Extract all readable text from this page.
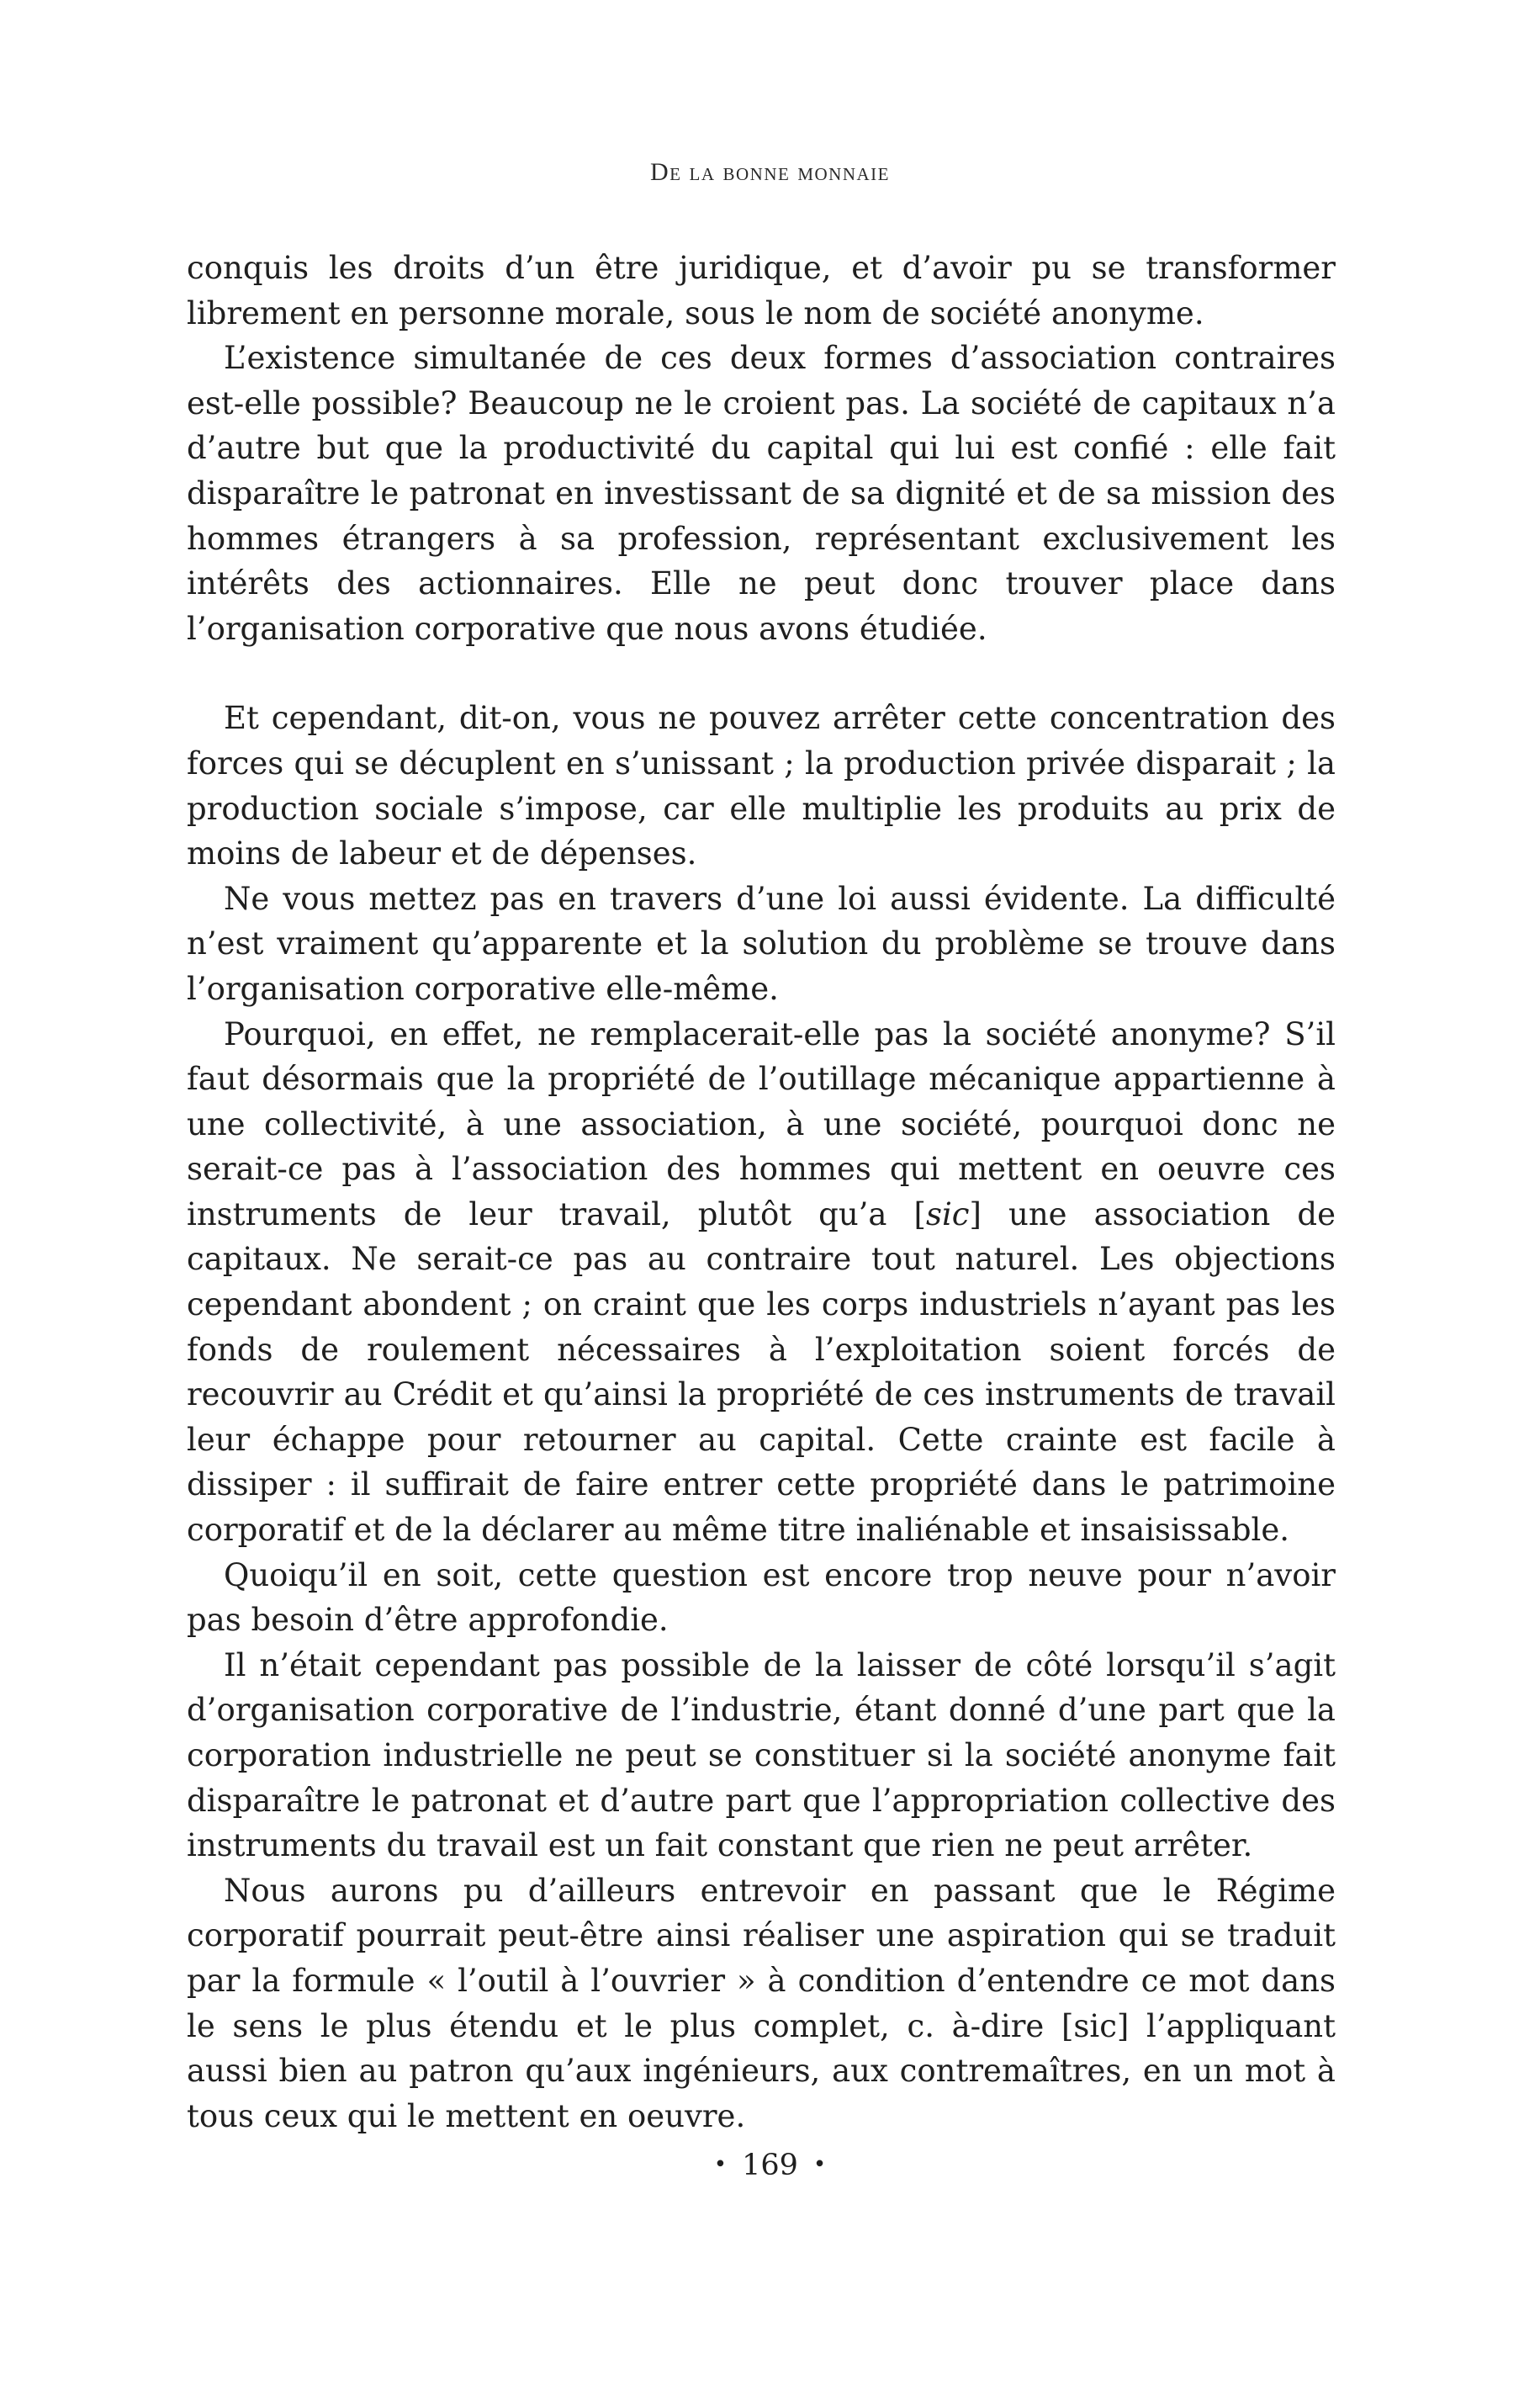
De la bonne monnaie

conquis les droits d’un être juridique, et d’avoir pu se transformer librement en personne morale, sous le nom de société anonyme.

L’existence simultanée de ces deux formes d’association contraires est-elle possible? Beaucoup ne le croient pas. La société de capitaux n’a d’autre but que la productivité du capital qui lui est confié : elle fait disparaître le patronat en investissant de sa dignité et de sa mission des hommes étrangers à sa profession, représentant exclusivement les intérêts des actionnaires. Elle ne peut donc trouver place dans l’organisation corporative que nous avons étudiée.

Et cependant, dit-on, vous ne pouvez arrêter cette concentration des forces qui se décuplent en s’unissant ; la production privée disparait ; la production sociale s’impose, car elle multiplie les produits au prix de moins de labeur et de dépenses.

Ne vous mettez pas en travers d’une loi aussi évidente. La difficulté n’est vraiment qu’apparente et la solution du problème se trouve dans l’organisation corporative elle-même.

Pourquoi, en effet, ne remplacerait-elle pas la société anonyme? S’il faut désormais que la propriété de l’outillage mécanique appartienne à une collectivité, à une association, à une société, pourquoi donc ne serait-ce pas à l’association des hommes qui mettent en oeuvre ces instruments de leur travail, plutôt qu’a [sic] une association de capitaux. Ne serait-ce pas au contraire tout naturel. Les objections cependant abondent ; on craint que les corps industriels n’ayant pas les fonds de roulement nécessaires à l’exploitation soient forcés de recouvrir au Crédit et qu’ainsi la propriété de ces instruments de travail leur échappe pour retourner au capital. Cette crainte est facile à dissiper : il suffirait de faire entrer cette propriété dans le patrimoine corporatif et de la déclarer au même titre inaliénable et insaisissable.

Quoiqu’il en soit, cette question est encore trop neuve pour n’avoir pas besoin d’être approfondie.

Il n’était cependant pas possible de la laisser de côté lorsqu’il s’agit d’organisation corporative de l’industrie, étant donné d’une part que la corporation industrielle ne peut se constituer si la société anonyme fait disparaître le patronat et d’autre part que l’appropriation collective des instruments du travail est un fait constant que rien ne peut arrêter.

Nous aurons pu d’ailleurs entrevoir en passant que le Régime corporatif pourrait peut-être ainsi réaliser une aspiration qui se traduit par la formule « l’outil à l’ouvrier » à condition d’entendre ce mot dans le sens le plus étendu et le plus complet, c. à-dire [sic] l’appliquant aussi bien au patron qu’aux ingénieurs, aux contremaîtres, en un mot à tous ceux qui le mettent en oeuvre.

• 169 •
